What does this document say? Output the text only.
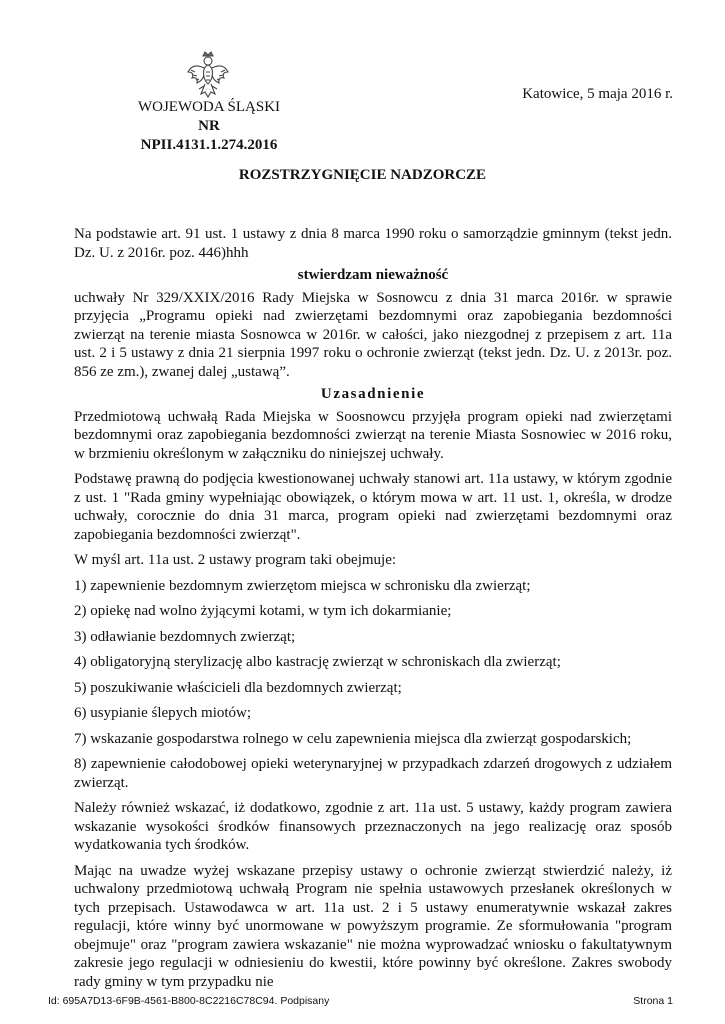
WOJEWODA ŚLĄSKI
NR NPII.4131.1.274.2016
Katowice, 5 maja 2016 r.
ROZSTRZYGNIĘCIE NADZORCZE

Na podstawie art. 91 ust. 1 ustawy z dnia 8 marca 1990 roku o samorządzie gminnym (tekst jedn. Dz. U. z 2016r. poz. 446)hhh

stwierdzam nieważność

uchwały Nr 329/XXIX/2016 Rady Miejska w Sosnowcu z dnia 31 marca 2016r. w sprawie przyjęcia „Programu opieki nad zwierzętami bezdomnymi oraz zapobiegania bezdomności zwierząt na terenie miasta Sosnowca w 2016r. w całości, jako niezgodnej z przepisem z art. 11a ust. 2 i 5 ustawy z dnia 21 sierpnia 1997 roku o ochronie zwierząt (tekst jedn. Dz. U. z 2013r. poz. 856 ze zm.), zwanej dalej „ustawą”.

Uzasadnienie

Przedmiotową uchwałą Rada Miejska w Soosnowcu przyjęła program opieki nad zwierzętami bezdomnymi oraz zapobiegania bezdomności zwierząt na terenie Miasta Sosnowiec w 2016 roku, w brzmieniu określonym w załączniku do niniejszej uchwały.

Podstawę prawną do podjęcia kwestionowanej uchwały stanowi art. 11a ustawy, w którym zgodnie z ust. 1 "Rada gminy wypełniając obowiązek, o którym mowa w art. 11 ust. 1, określa, w drodze uchwały, corocznie do dnia 31 marca, program opieki nad zwierzętami bezdomnymi oraz zapobiegania bezdomności zwierząt".

W myśl art. 11a ust. 2 ustawy program taki obejmuje:

1) zapewnienie bezdomnym zwierzętom miejsca w schronisku dla zwierząt;

2) opiekę nad wolno żyjącymi kotami, w tym ich dokarmianie;

3) odławianie bezdomnych zwierząt;

4) obligatoryjną sterylizację albo kastrację zwierząt w schroniskach dla zwierząt;

5) poszukiwanie właścicieli dla bezdomnych zwierząt;

6) usypianie ślepych miotów;

7) wskazanie gospodarstwa rolnego w celu zapewnienia miejsca dla zwierząt gospodarskich;

8) zapewnienie całodobowej opieki weterynaryjnej w przypadkach zdarzeń drogowych z udziałem zwierząt.

Należy również wskazać, iż dodatkowo, zgodnie z art. 11a ust. 5 ustawy, każdy program zawiera wskazanie wysokości środków finansowych przeznaczonych na jego realizację oraz sposób wydatkowania tych środków.

Mając na uwadze wyżej wskazane przepisy ustawy o ochronie zwierząt stwierdzić należy, iż uchwalony przedmiotową uchwałą Program nie spełnia ustawowych przesłanek określonych w tych przepisach. Ustawodawca w art. 11a ust. 2 i 5 ustawy enumeratywnie wskazał zakres regulacji, które winny być unormowane w powyższym programie. Ze sformułowania "program obejmuje" oraz "program zawiera wskazanie" nie można wyprowadzać wniosku o fakultatywnym zakresie jego regulacji w odniesieniu do kwestii, które powinny być określone. Zakres swobody rady gminy w tym przypadku nie

Id: 695A7D13-6F9B-4561-B800-8C2216C78C94. Podpisany	Strona 1
